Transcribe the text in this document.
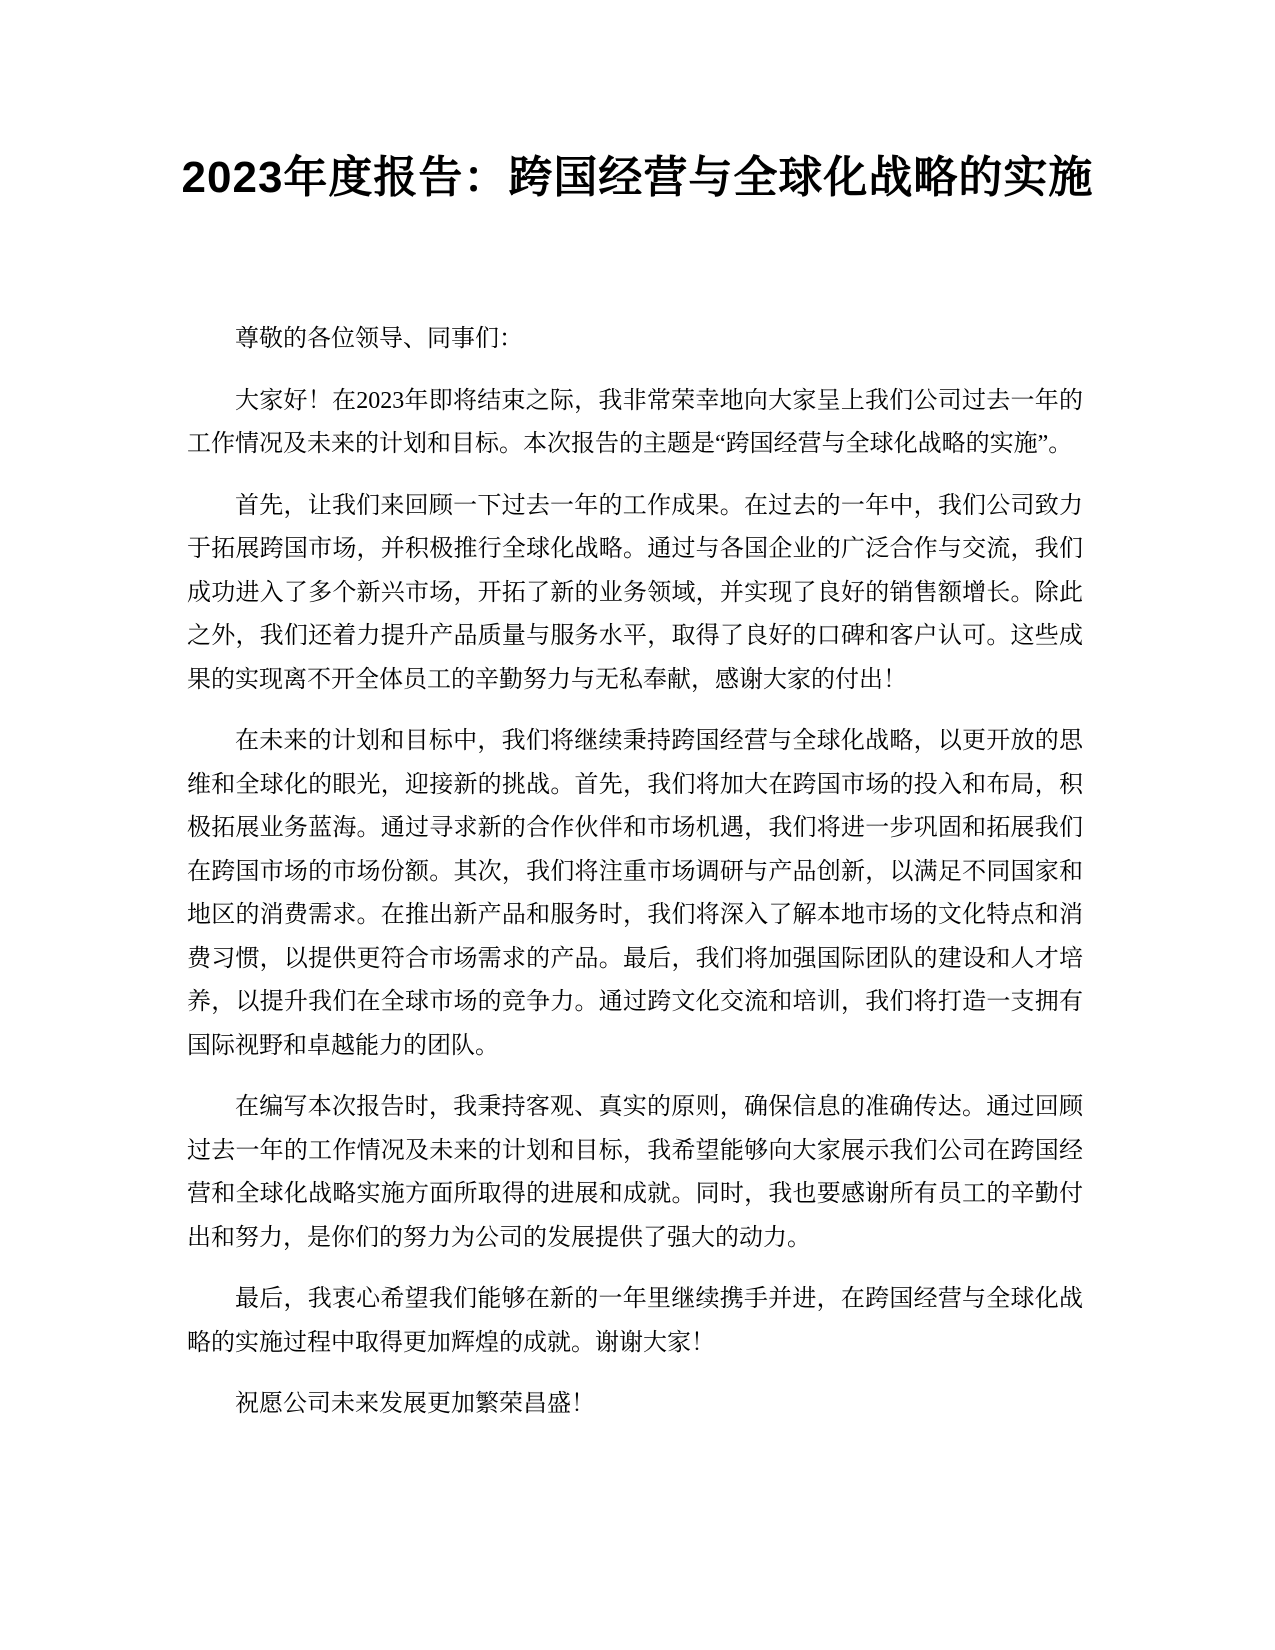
2023年度报告：跨国经营与全球化战略的实施

尊敬的各位领导、同事们：

大家好！在2023年即将结束之际，我非常荣幸地向大家呈上我们公司过去一年的工作情况及未来的计划和目标。本次报告的主题是“跨国经营与全球化战略的实施”。

首先，让我们来回顾一下过去一年的工作成果。在过去的一年中，我们公司致力于拓展跨国市场，并积极推行全球化战略。通过与各国企业的广泛合作与交流，我们成功进入了多个新兴市场，开拓了新的业务领域，并实现了良好的销售额增长。除此之外，我们还着力提升产品质量与服务水平，取得了良好的口碑和客户认可。这些成果的实现离不开全体员工的辛勤努力与无私奉献，感谢大家的付出！

在未来的计划和目标中，我们将继续秉持跨国经营与全球化战略，以更开放的思维和全球化的眼光，迎接新的挑战。首先，我们将加大在跨国市场的投入和布局，积极拓展业务蓝海。通过寻求新的合作伙伴和市场机遇，我们将进一步巩固和拓展我们在跨国市场的市场份额。其次，我们将注重市场调研与产品创新，以满足不同国家和地区的消费需求。在推出新产品和服务时，我们将深入了解本地市场的文化特点和消费习惯，以提供更符合市场需求的产品。最后，我们将加强国际团队的建设和人才培养，以提升我们在全球市场的竞争力。通过跨文化交流和培训，我们将打造一支拥有国际视野和卓越能力的团队。

在编写本次报告时，我秉持客观、真实的原则，确保信息的准确传达。通过回顾过去一年的工作情况及未来的计划和目标，我希望能够向大家展示我们公司在跨国经营和全球化战略实施方面所取得的进展和成就。同时，我也要感谢所有员工的辛勤付出和努力，是你们的努力为公司的发展提供了强大的动力。

最后，我衷心希望我们能够在新的一年里继续携手并进，在跨国经营与全球化战略的实施过程中取得更加辉煌的成就。谢谢大家！

祝愿公司未来发展更加繁荣昌盛！
